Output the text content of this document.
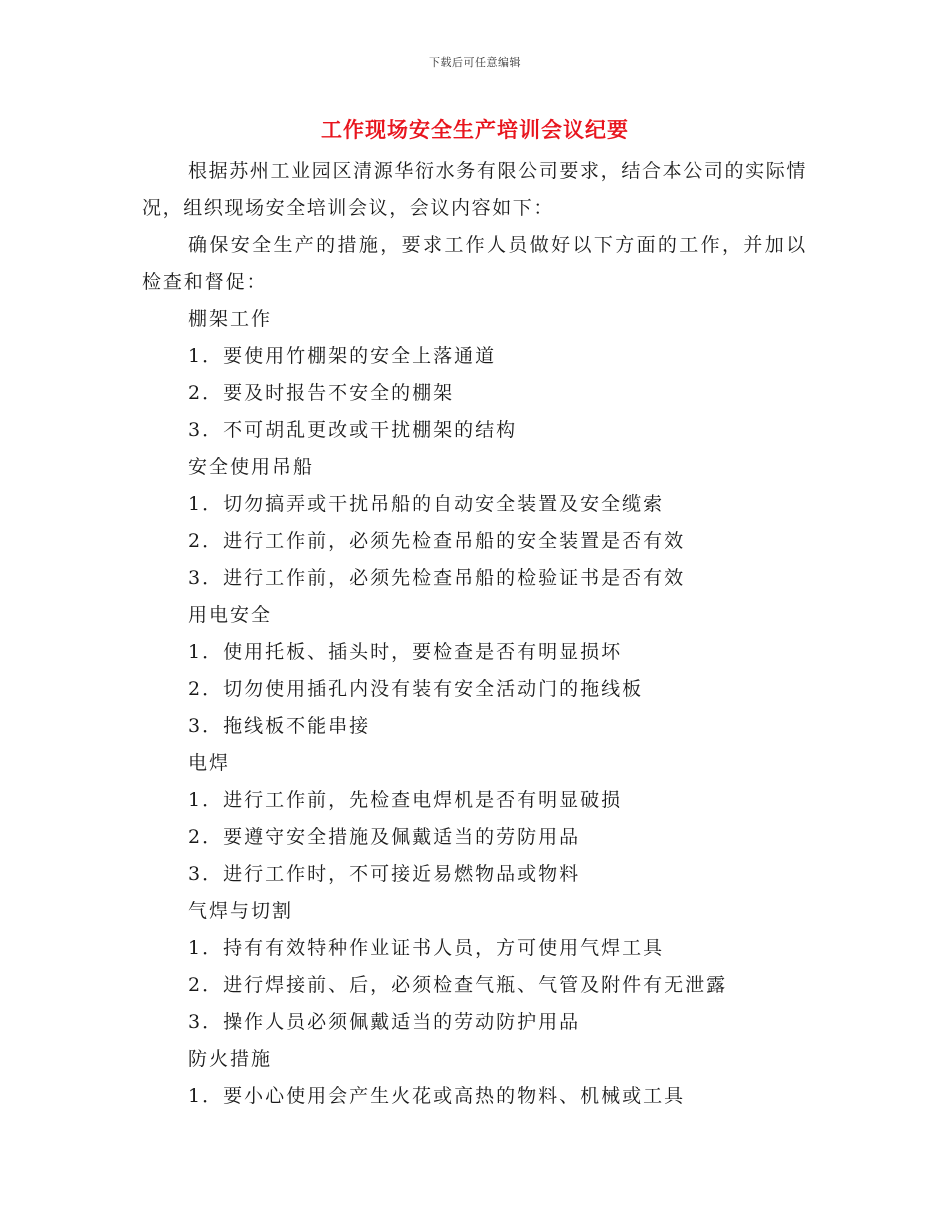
下载后可任意编辑
工作现场安全生产培训会议纪要

根据苏州工业园区清源华衍水务有限公司要求，结合本公司的实际情况，组织现场安全培训会议，会议内容如下：

确保安全生产的措施，要求工作人员做好以下方面的工作，并加以检查和督促：

棚架工作

1．要使用竹棚架的安全上落通道

2．要及时报告不安全的棚架

3．不可胡乱更改或干扰棚架的结构

安全使用吊船

1．切勿搞弄或干扰吊船的自动安全装置及安全缆索

2．进行工作前，必须先检查吊船的安全装置是否有效

3．进行工作前，必须先检查吊船的检验证书是否有效

用电安全

1．使用托板、插头时，要检查是否有明显损坏

2．切勿使用插孔内没有装有安全活动门的拖线板

3．拖线板不能串接

电焊

1．进行工作前，先检查电焊机是否有明显破损

2．要遵守安全措施及佩戴适当的劳防用品

3．进行工作时，不可接近易燃物品或物料

气焊与切割

1．持有有效特种作业证书人员，方可使用气焊工具

2．进行焊接前、后，必须检查气瓶、气管及附件有无泄露

3．操作人员必须佩戴适当的劳动防护用品

防火措施

1．要小心使用会产生火花或高热的物料、机械或工具
